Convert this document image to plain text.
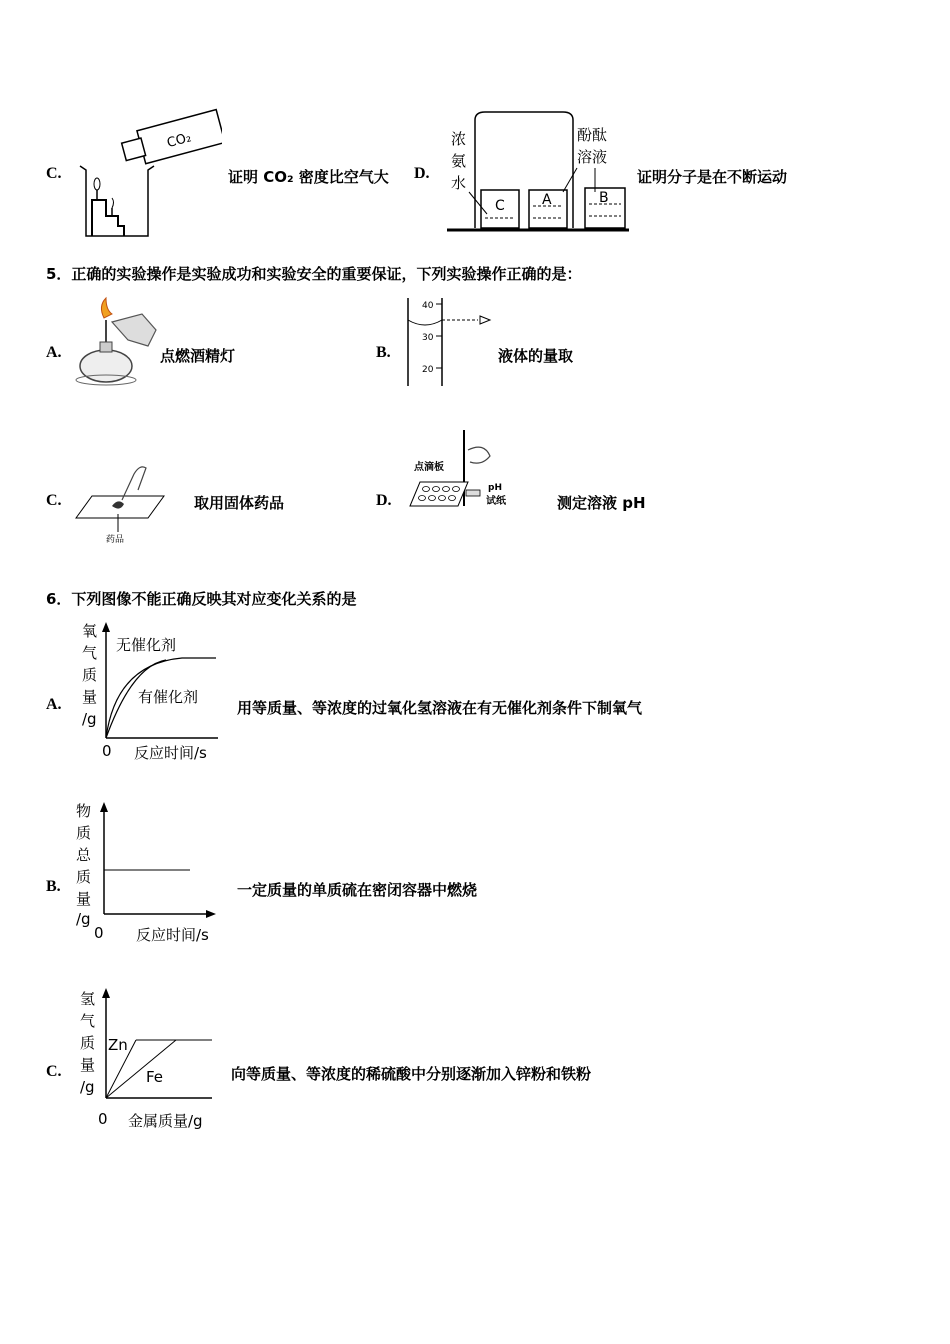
C.
CO₂
证明 CO₂ 密度比空气大 D.
浓
氨
水
酚酞
溶液
C	A	B
证明分子是在不断运动
5．正确的实验操作是实验成功和实验安全的重要保证，下列实验操作正确的是：
A.	点燃酒精灯	B.
40
30
20
液体的量取
C.
药品
取用固体药品	D.
点滴板
pH
试纸	测定溶液 pH
6．下列图像不能正确反映其对应变化关系的是
A.
氧
气
质
量
/g
0 反应时间/s
无催化剂
有催化剂
用等质量、等浓度的过氧化氢溶液在有无催化剂条件下制氧气
B.
物
质
总
质
量
/g
0 反应时间/s
一定质量的单质硫在密闭容器中燃烧
C.
氢
气
质
量
/g
Zn
Fe
0 金属质量/g
向等质量、等浓度的稀硫酸中分别逐渐加入锌粉和铁粉
